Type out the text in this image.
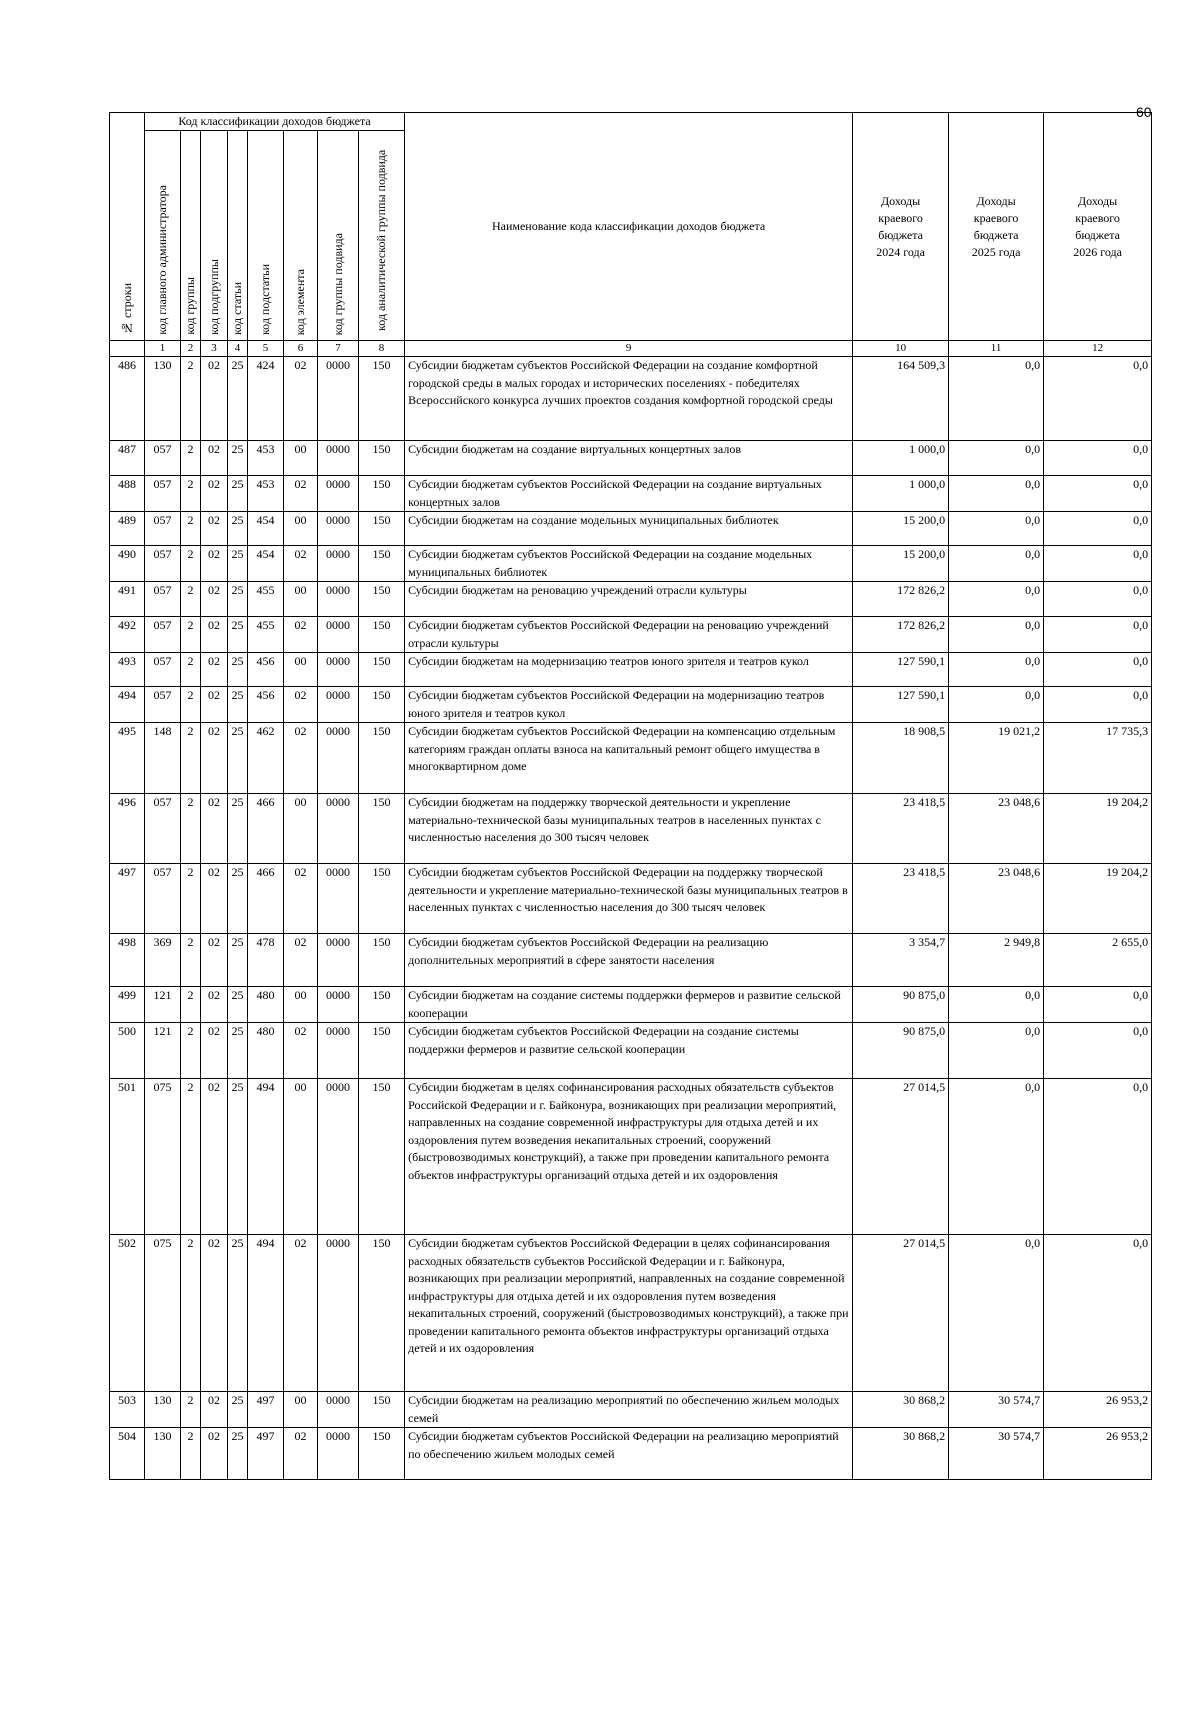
60
№ строки	Код классификации доходов бюджета								Наименование кода классификации доходов бюджета	Доходы
краевого
бюджета
2024 года	Доходы
краевого
бюджета
2025 года	Доходы
краевого
бюджета
2026 года

	код главного администратора	код группы	код подгруппы	код статьи	код подстатьи	код элемента	код группы подвида	код аналитической группы подвида				
	1	2	3	4	5	6	7	8	9	10	11	12
486	130	2	02	25	424	02	0000	150	Субсидии бюджетам субъектов Российской Федерации на создание комфортной городской среды в малых городах и исторических поселениях - победителях Всероссийского конкурса лучших проектов создания комфортной городской среды	164 509,3	0,0	0,0
487	057	2	02	25	453	00	0000	150	Субсидии бюджетам на создание виртуальных концертных залов	1 000,0	0,0	0,0
488	057	2	02	25	453	02	0000	150	Субсидии бюджетам субъектов Российской Федерации на создание виртуальных концертных залов	1 000,0	0,0	0,0
489	057	2	02	25	454	00	0000	150	Субсидии бюджетам на создание модельных муниципальных библиотек	15 200,0	0,0	0,0
490	057	2	02	25	454	02	0000	150	Субсидии бюджетам субъектов Российской Федерации на создание модельных муниципальных библиотек	15 200,0	0,0	0,0
491	057	2	02	25	455	00	0000	150	Субсидии бюджетам на реновацию учреждений отрасли культуры	172 826,2	0,0	0,0
492	057	2	02	25	455	02	0000	150	Субсидии бюджетам субъектов Российской Федерации на реновацию учреждений отрасли культуры	172 826,2	0,0	0,0
493	057	2	02	25	456	00	0000	150	Субсидии бюджетам на модернизацию театров юного зрителя и театров кукол	127 590,1	0,0	0,0
494	057	2	02	25	456	02	0000	150	Субсидии бюджетам субъектов Российской Федерации на модернизацию театров юного зрителя и театров кукол	127 590,1	0,0	0,0
495	148	2	02	25	462	02	0000	150	Субсидии бюджетам субъектов Российской Федерации на компенсацию отдельным категориям граждан оплаты взноса на капитальный ремонт общего имущества в многоквартирном доме	18 908,5	19 021,2	17 735,3
496	057	2	02	25	466	00	0000	150	Субсидии бюджетам на поддержку творческой деятельности и укрепление материально-технической базы муниципальных театров в населенных пунктах с численностью населения до 300 тысяч человек	23 418,5	23 048,6	19 204,2
497	057	2	02	25	466	02	0000	150	Субсидии бюджетам субъектов Российской Федерации на поддержку творческой деятельности и укрепление материально-технической базы муниципальных театров в населенных пунктах с численностью населения до 300 тысяч человек	23 418,5	23 048,6	19 204,2
498	369	2	02	25	478	02	0000	150	Субсидии бюджетам субъектов Российской Федерации на реализацию дополнительных мероприятий в сфере занятости населения	3 354,7	2 949,8	2 655,0
499	121	2	02	25	480	00	0000	150	Субсидии бюджетам на создание системы поддержки фермеров и развитие сельской кооперации	90 875,0	0,0	0,0
500	121	2	02	25	480	02	0000	150	Субсидии бюджетам субъектов Российской Федерации на создание системы поддержки фермеров и развитие сельской кооперации	90 875,0	0,0	0,0
501	075	2	02	25	494	00	0000	150	Субсидии бюджетам в целях софинансирования расходных обязательств субъектов Российской Федерации и г. Байконура, возникающих при реализации мероприятий, направленных на создание современной инфраструктуры для отдыха детей и их оздоровления путем возведения некапитальных строений, сооружений (быстровозводимых конструкций), а также при проведении капитального ремонта объектов инфраструктуры организаций отдыха детей и их оздоровления	27 014,5	0,0	0,0
502	075	2	02	25	494	02	0000	150	Субсидии бюджетам субъектов Российской Федерации в целях софинансирования расходных обязательств субъектов Российской Федерации и г. Байконура, возникающих при реализации мероприятий, направленных на создание современной инфраструктуры для отдыха детей и их оздоровления путем возведения некапитальных строений, сооружений (быстровозводимых конструкций), а также при проведении капитального ремонта объектов инфраструктуры организаций отдыха детей и их оздоровления	27 014,5	0,0	0,0
503	130	2	02	25	497	00	0000	150	Субсидии бюджетам на реализацию мероприятий по обеспечению жильем молодых семей	30 868,2	30 574,7	26 953,2
504	130	2	02	25	497	02	0000	150	Субсидии бюджетам субъектов Российской Федерации на реализацию мероприятий по обеспечению жильем молодых семей	30 868,2	30 574,7	26 953,2
